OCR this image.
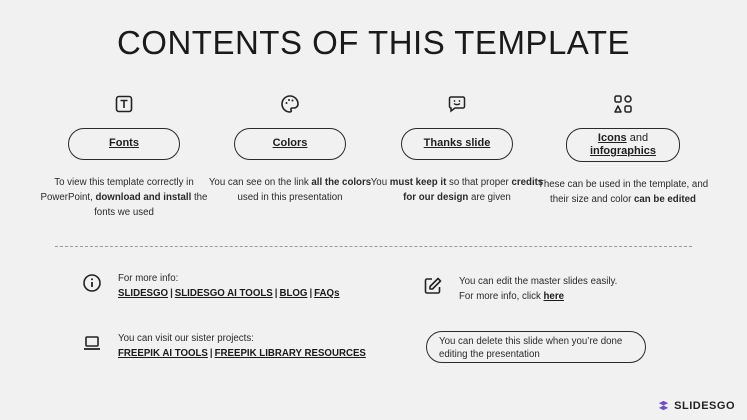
CONTENTS OF THIS TEMPLATE
Fonts
To view this template correctly in PowerPoint, download and install the fonts we used
Colors
You can see on the link all the colors used in this presentation
Thanks slide
You must keep it so that proper credits for our design are given
Icons and
infographics
These can be used in the template, and their size and color can be edited
For more info:
SLIDESGO | SLIDESGO AI TOOLS | BLOG | FAQs
You can visit our sister projects:
FREEPIK AI TOOLS | FREEPIK LIBRARY RESOURCES
You can edit the master slides easily.
For more info, click here
You can delete this slide when you’re done editing the presentation
SLIDESGO
